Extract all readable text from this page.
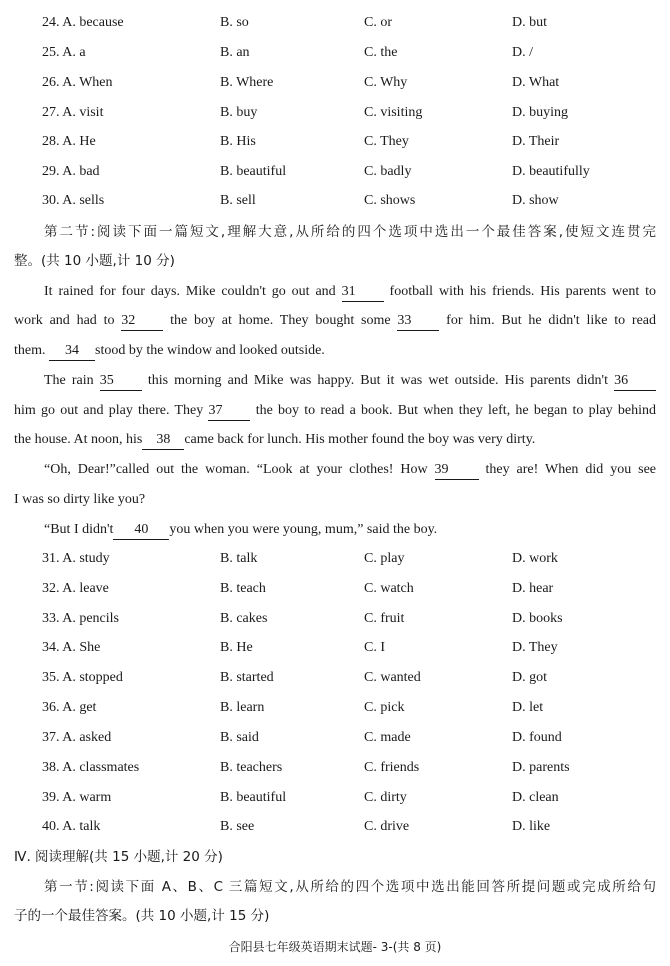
24. A. because	B. so	C. or	D. but
25. A. a	B. an	C. the	D. /
26. A. When	B. Where	C. Why	D. What
27. A. visit	B. buy	C. visiting	D. buying
28. A. He	B. His	C. They	D. Their
29. A. bad	B. beautiful	C. badly	D. beautifully
30. A. sells	B. sell	C. shows	D. show
第二节:阅读下面一篇短文,理解大意,从所给的四个选项中选出一个最佳答案,使短文连贯完
整。(共 10 小题,计 10 分)
It rained for four days. Mike couldn't go out and 31 football with his friends. His parents went to
work and had to 32 the boy at home. They bought some 33 for him. But he didn't like to read
them. 34 stood by the window and looked outside.
The rain 35 this morning and Mike was happy. But it was wet outside. His parents didn't 36
him go out and play there. They 37 the boy to read a book. But when they left, he began to play behind
the house. At noon, his 38 came back for lunch. His mother found the boy was very dirty.
“Oh, Dear!”called out the woman. “Look at your clothes! How 39	they are! When did you see
I was so dirty like you?
“But I didn't 40 you when you were young, mum,” said the boy.
31. A. study	B. talk	C. play	D. work
32. A. leave	B. teach	C. watch	D. hear
33. A. pencils	B. cakes	C. fruit	D. books
34. A. She	B. He	C. I	D. They
35. A. stopped	B. started	C. wanted	D. got
36. A. get	B. learn	C. pick	D. let
37. A. asked	B. said	C. made	D. found
38. A. classmates	B. teachers	C. friends	D. parents
39. A. warm	B. beautiful	C. dirty	D. clean
40. A. talk	B. see	C. drive	D. like
Ⅳ. 阅读理解(共 15 小题,计 20 分)
第一节:阅读下面 A、B、C 三篇短文,从所给的四个选项中选出能回答所提问题或完成所给句
子的一个最佳答案。(共 10 小题,计 15 分)
合阳县七年级英语期末试题- 3-(共 8 页)
